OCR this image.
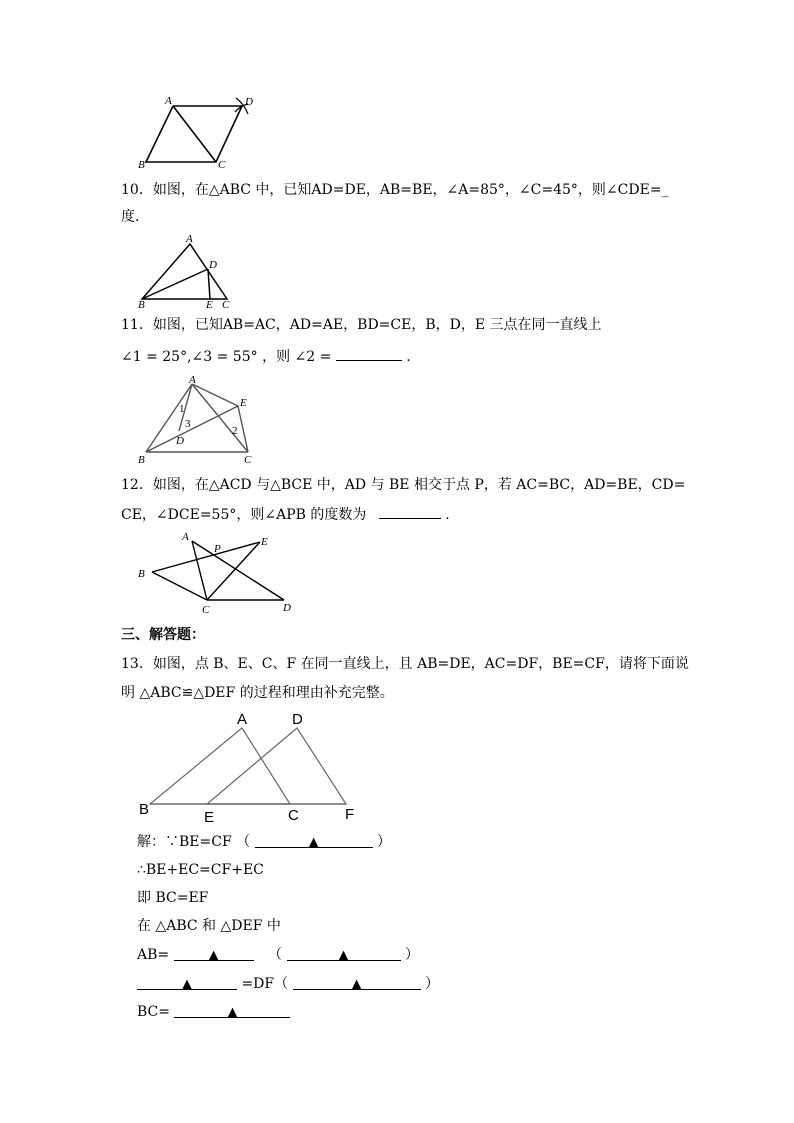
A	D
B	C
10．如图，在△ABC 中，已知AD=DE，AB=BE，∠A=85°，∠C=45°，则∠CDE=_
度．
A
D
B	E C
11．如图，已知AB=AC，AD=AE，BD=CE，B，D，E 三点在同一直线上
∠1 = 25°,∠3 = 55° ，则 ∠2 =	.
A
E
D
B	C
1
3
2
12．如图，在△ACD 与△BCE 中，AD 与 BE 相交于点 P，若 AC=BC，AD=BE，CD=
CE，∠DCE=55°，则∠APB 的度数为	.
A
P
E
B
C	D
三、解答题：
13．如图，点 B、E、C、F 在同一直线上，且 AB=DE，AC=DF，BE=CF，请将下面说
明 △ABC≌△DEF 的过程和理由补充完整。
A	D
B	E	C	F
解：∵BE=CF （	▲	）
∴BE+EC=CF+EC
即 BC=EF
在 △ABC 和 △DEF 中
AB=	▲	（	▲	）
▲	=DF（	▲	）
BC=	▲
